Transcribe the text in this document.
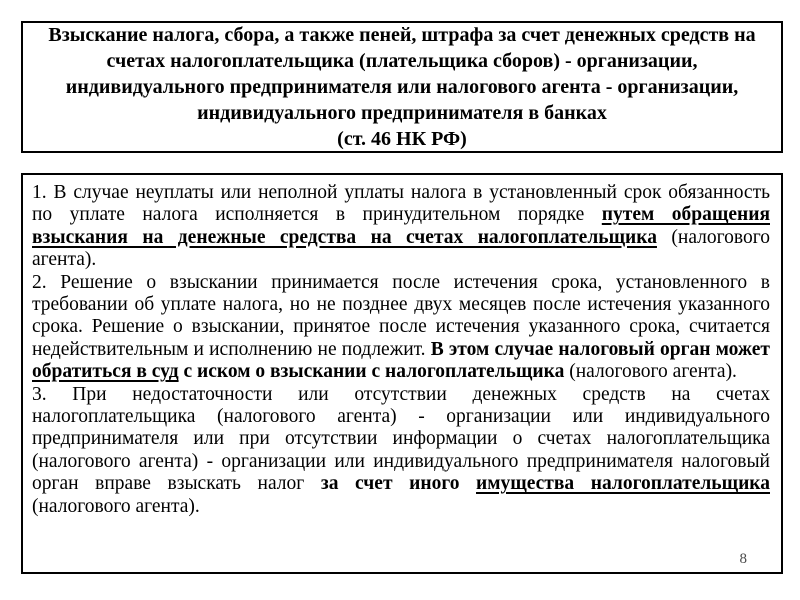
Взыскание налога, сбора, а также пеней, штрафа за счет денежных средств на
счетах налогоплательщика (плательщика сборов) - организации,
индивидуального предпринимателя или налогового агента - организации,
индивидуального предпринимателя в банках
(ст. 46 НК РФ)

1. В случае неуплаты или неполной уплаты налога в установленный срок обязанность по уплате налога исполняется в принудительном порядке путем обращения взыскания на денежные средства на счетах налогоплательщика (налогового агента).

2. Решение о взыскании принимается после истечения срока, установленного в требовании об уплате налога, но не позднее двух месяцев после истечения указанного срока. Решение о взыскании, принятое после истечения указанного срока, считается недействительным и исполнению не подлежит. В этом случае налоговый орган может обратиться в суд с иском о взыскании с налогоплательщика (налогового агента).

3. При недостаточности или отсутствии денежных средств на счетах налогоплательщика (налогового агента) - организации или индивидуального предпринимателя или при отсутствии информации о счетах налогоплательщика (налогового агента) - организации или индивидуального предпринимателя налоговый орган вправе взыскать налог за счет иного имущества налогоплательщика (налогового агента).

8
